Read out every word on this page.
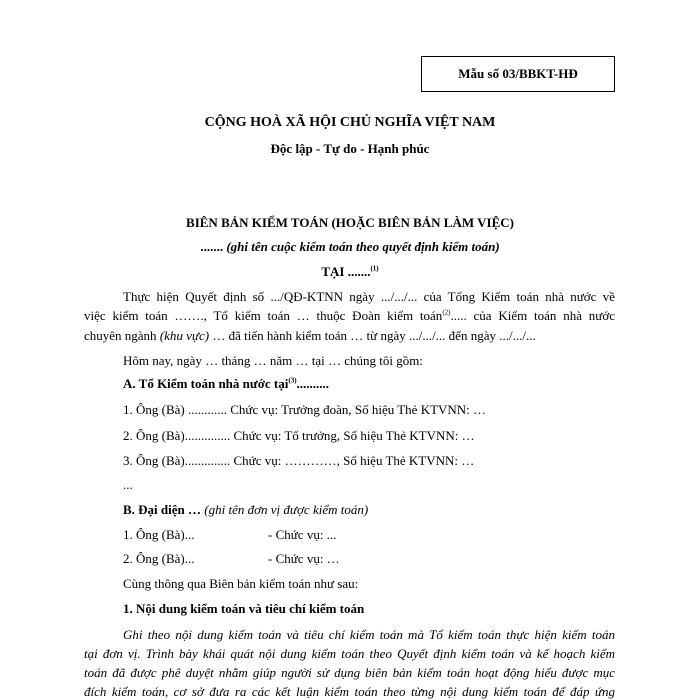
Mẫu số 03/BBKT-HĐ
CỘNG HOÀ XÃ HỘI CHỦ NGHĨA VIỆT NAM
Độc lập - Tự do - Hạnh phúc
BIÊN BẢN KIỂM TOÁN (HOẶC BIÊN BẢN LÀM VIỆC)
....... (ghi tên cuộc kiểm toán theo quyết định kiểm toán)
TẠI .......$^{(1)}$
Thực hiện Quyết định số .../QĐ-KTNN ngày .../.../... của Tổng Kiểm toán nhà nước về
việc kiểm toán ……., Tổ kiểm toán … thuộc Đoàn kiểm toán$^{(2)}$..... của Kiểm toán nhà nước
chuyên ngành (khu vực) … đã tiến hành kiểm toán … từ ngày .../.../... đến ngày .../.../...
Hôm nay, ngày … tháng … năm … tại … chúng tôi gồm:
A. Tổ Kiểm toán nhà nước tại$^{(3)}$..........
1. Ông (Bà) ............ Chức vụ: Trưởng đoàn, Số hiệu Thẻ KTVNN: …
2. Ông (Bà).............. Chức vụ: Tổ trưởng, Số hiệu Thẻ KTVNN: …
3. Ông (Bà).............. Chức vụ: …………, Số hiệu Thẻ KTVNN: …
...
B. Đại diện … (ghi tên đơn vị được kiểm toán)
1. Ông (Bà)...	- Chức vụ: ...
2. Ông (Bà)...	- Chức vụ: …
Cùng thông qua Biên bản kiểm toán như sau:
1. Nội dung kiểm toán và tiêu chí kiểm toán
Ghi theo nội dung kiểm toán và tiêu chí kiểm toán mà Tổ kiểm toán thực hiện kiểm toán
tại đơn vị. Trình bày khái quát nội dung kiểm toán theo Quyết định kiểm toán và kế hoạch kiểm
toán đã được phê duyệt nhằm giúp người sử dụng biên bản kiểm toán hoạt động hiểu được mục
đích kiểm toán, cơ sở đưa ra các kết luận kiểm toán theo từng nội dung kiểm toán để đáp ứng
